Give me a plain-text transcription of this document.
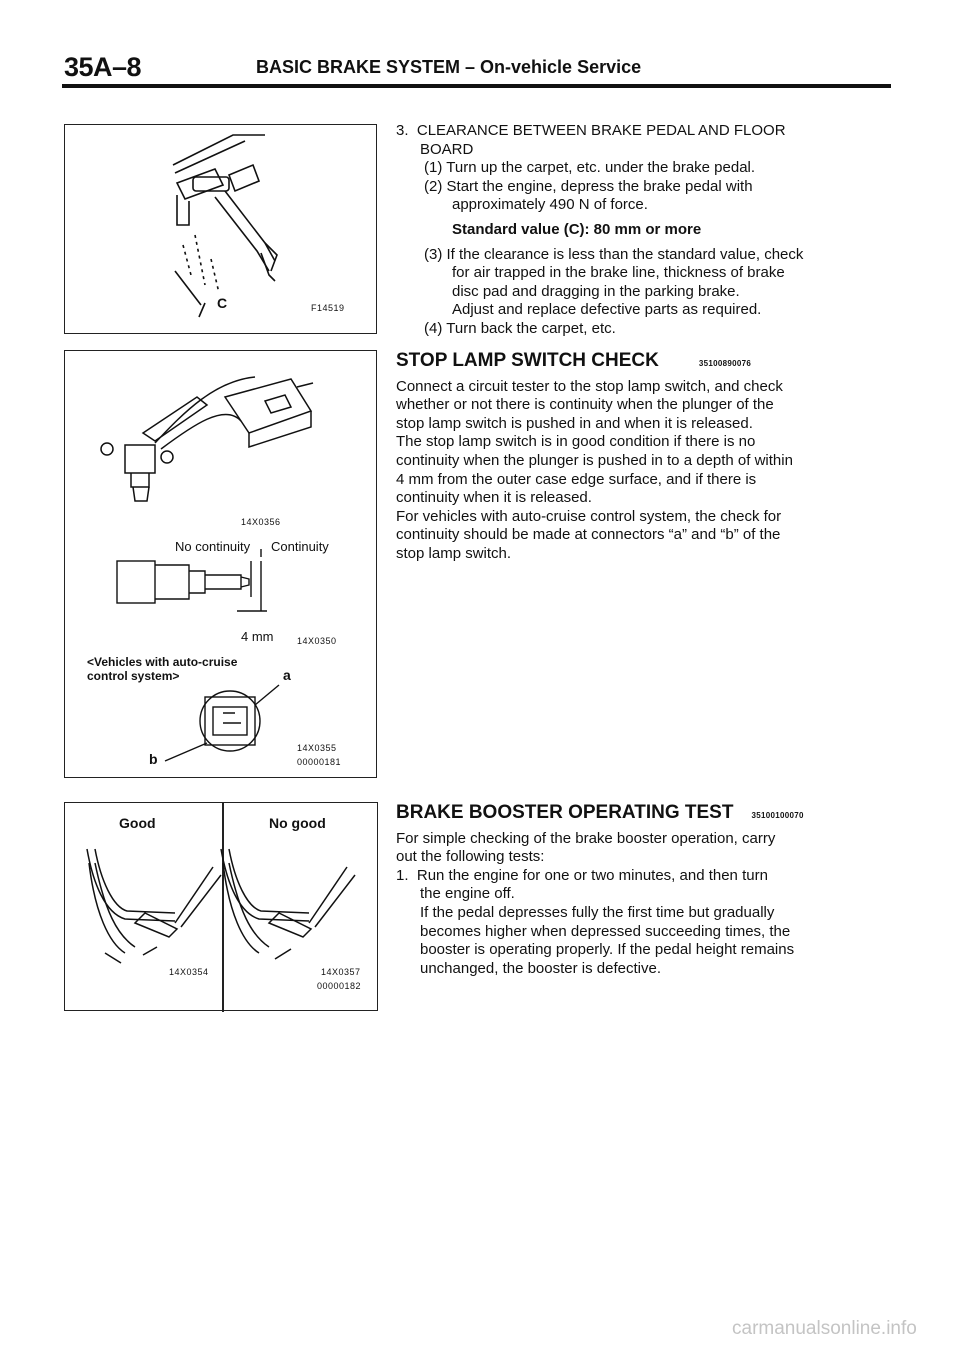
35A–8	BASIC BRAKE SYSTEM – On-vehicle Service
C	F14519
14X0356
No continuity Continuity
4 mm	14X0350
<Vehicles with auto-cruise
control system>	a
b
14X0355
00000181
Good	No good
14X0354	14X0357
00000182
3. CLEARANCE BETWEEN BRAKE PEDAL AND FLOOR
BOARD
(1) Turn up the carpet, etc. under the brake pedal.
(2) Start the engine, depress the brake pedal with
approximately 490 N of force.
Standard value (C): 80 mm or more
(3) If the clearance is less than the standard value, check
for air trapped in the brake line, thickness of brake
disc pad and dragging in the parking brake.
Adjust and replace defective parts as required.
(4) Turn back the carpet, etc.
STOP LAMP SWITCH CHECK	35100890076
Connect a circuit tester to the stop lamp switch, and check
whether or not there is continuity when the plunger of the
stop lamp switch is pushed in and when it is released.
The stop lamp switch is in good condition if there is no
continuity when the plunger is pushed in to a depth of within
4 mm from the outer case edge surface, and if there is
continuity when it is released.
For vehicles with auto-cruise control system, the check for
continuity should be made at connectors “a” and “b” of the
stop lamp switch.
BRAKE BOOSTER OPERATING TEST 35100100070
For simple checking of the brake booster operation, carry
out the following tests:
1. Run the engine for one or two minutes, and then turn
the engine off.
If the pedal depresses fully the first time but gradually
becomes higher when depressed succeeding times, the
booster is operating properly. If the pedal height remains
unchanged, the booster is defective.
carmanualsonline.info
